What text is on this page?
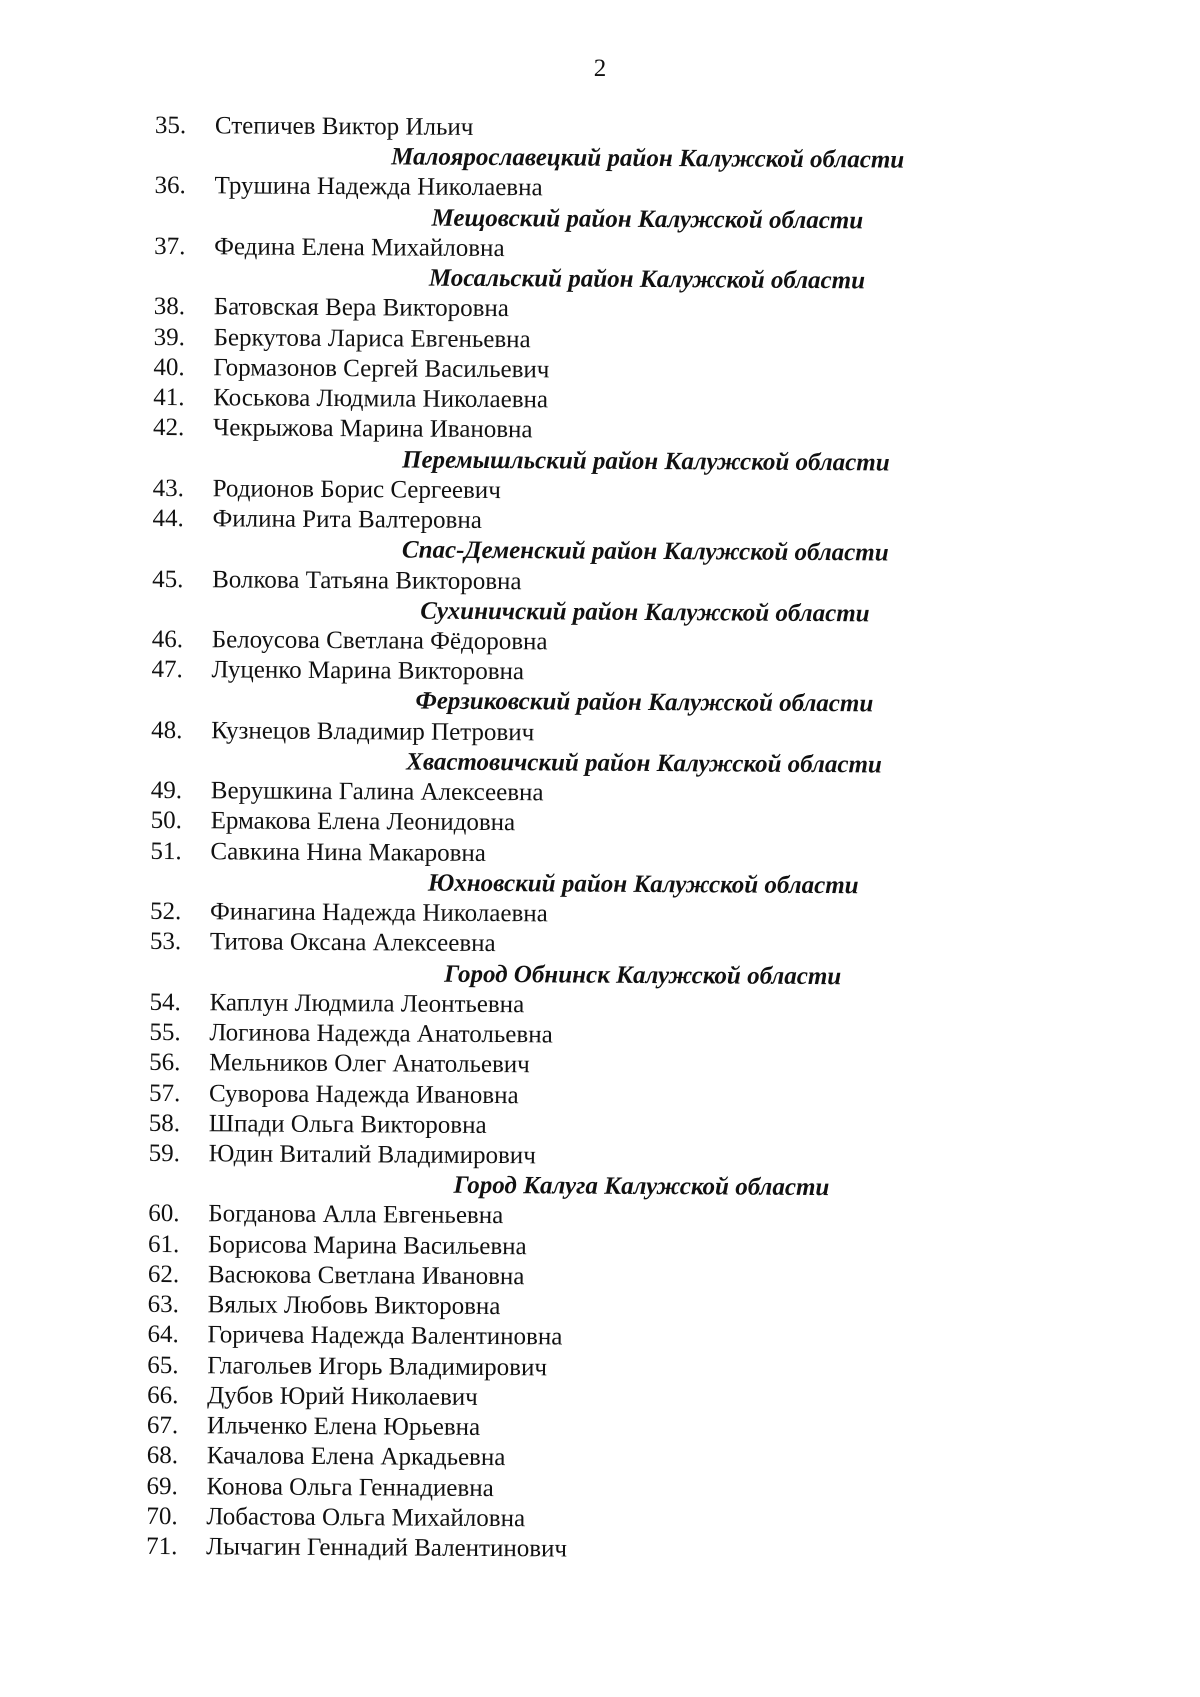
2
35. Степичев Виктор Ильич
Малоярославецкий район Калужской области
36. Трушина Надежда Николаевна
Мещовский район Калужской области
37. Федина Елена Михайловна
Мосальский район Калужской области
38. Батовская Вера Викторовна
39. Беркутова Лариса Евгеньевна
40. Гормазонов Сергей Васильевич
41. Коськова Людмила Николаевна
42. Чекрыжова Марина Ивановна
Перемышльский район Калужской области
43. Родионов Борис Сергеевич
44. Филина Рита Валтеровна
Спас-Деменский район Калужской области
45. Волкова Татьяна Викторовна
Сухиничский район Калужской области
46. Белоусова Светлана Фёдоровна
47. Луценко Марина Викторовна
Ферзиковский район Калужской области
48. Кузнецов Владимир Петрович
Хвастовичский район Калужской области
49. Верушкина Галина Алексеевна
50. Ермакова Елена Леонидовна
51. Савкина Нина Макаровна
Юхновский район Калужской области
52. Финагина Надежда Николаевна
53. Титова Оксана Алексеевна
Город Обнинск Калужской области
54. Каплун Людмила Леонтьевна
55. Логинова Надежда Анатольевна
56. Мельников Олег Анатольевич
57. Суворова Надежда Ивановна
58. Шпади Ольга Викторовна
59. Юдин Виталий Владимирович
Город Калуга Калужской области
60. Богданова Алла Евгеньевна
61. Борисова Марина Васильевна
62. Васюкова Светлана Ивановна
63. Вялых Любовь Викторовна
64. Горичева Надежда Валентиновна
65. Глагольев Игорь Владимирович
66. Дубов Юрий Николаевич
67. Ильченко Елена Юрьевна
68. Качалова Елена Аркадьевна
69. Конова Ольга Геннадиевна
70. Лобастова Ольга Михайловна
71. Лычагин Геннадий Валентинович
